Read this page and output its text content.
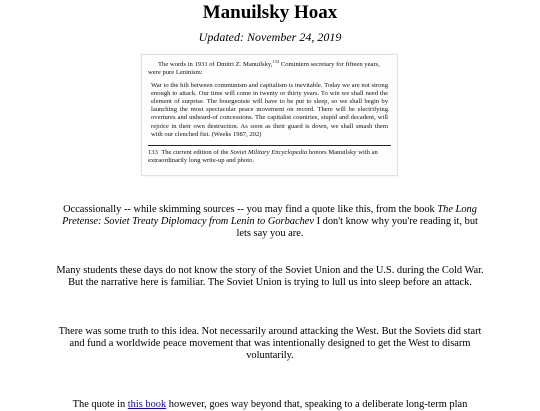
Manuilsky Hoax
Updated: November 24, 2019

The words in 1931 of Dmitri Z. Manuilsky,$^{133}$ Comintern secretary for fifteen years, were pure Leninism:

War to the hilt between communism and capitalism is inevitable. Today we are not strong enough to attack. Our time will come in twenty or thirty years. To win we shall need the element of surprise. The bourgeoisie will have to be put to sleep, so we shall begin by launching the most spectacular peace movement on record. There will be electrifying overtures and unheard-of concessions. The capitalist countries, stupid and decadent, will rejoice in their own destruction. As soon as their guard is down, we shall smash them with our clenched fist. (Weeks 1987, 202)

133 The current edition of the Soviet Military Encyclopedia honors Manuilsky with an extraordinarily long write-up and photo.

Occassionally -- while skimming sources -- you may find a quote like this, from the book The Long Pretense: Soviet Treaty Diplomacy from Lenin to Gorbachev I don't know why you're reading it, but lets say you are.

Many students these days do not know the story of the Soviet Union and the U.S. during the Cold War. But the narrative here is familiar. The Soviet Union is trying to lull us into sleep before an attack.

There was some truth to this idea. Not necessarily around attacking the West. But the Soviets did start and fund a worldwide peace movement that was intentionally designed to get the West to disarm voluntarily.

The quote in this book however, goes way beyond that, speaking to a deliberate long-term plan
